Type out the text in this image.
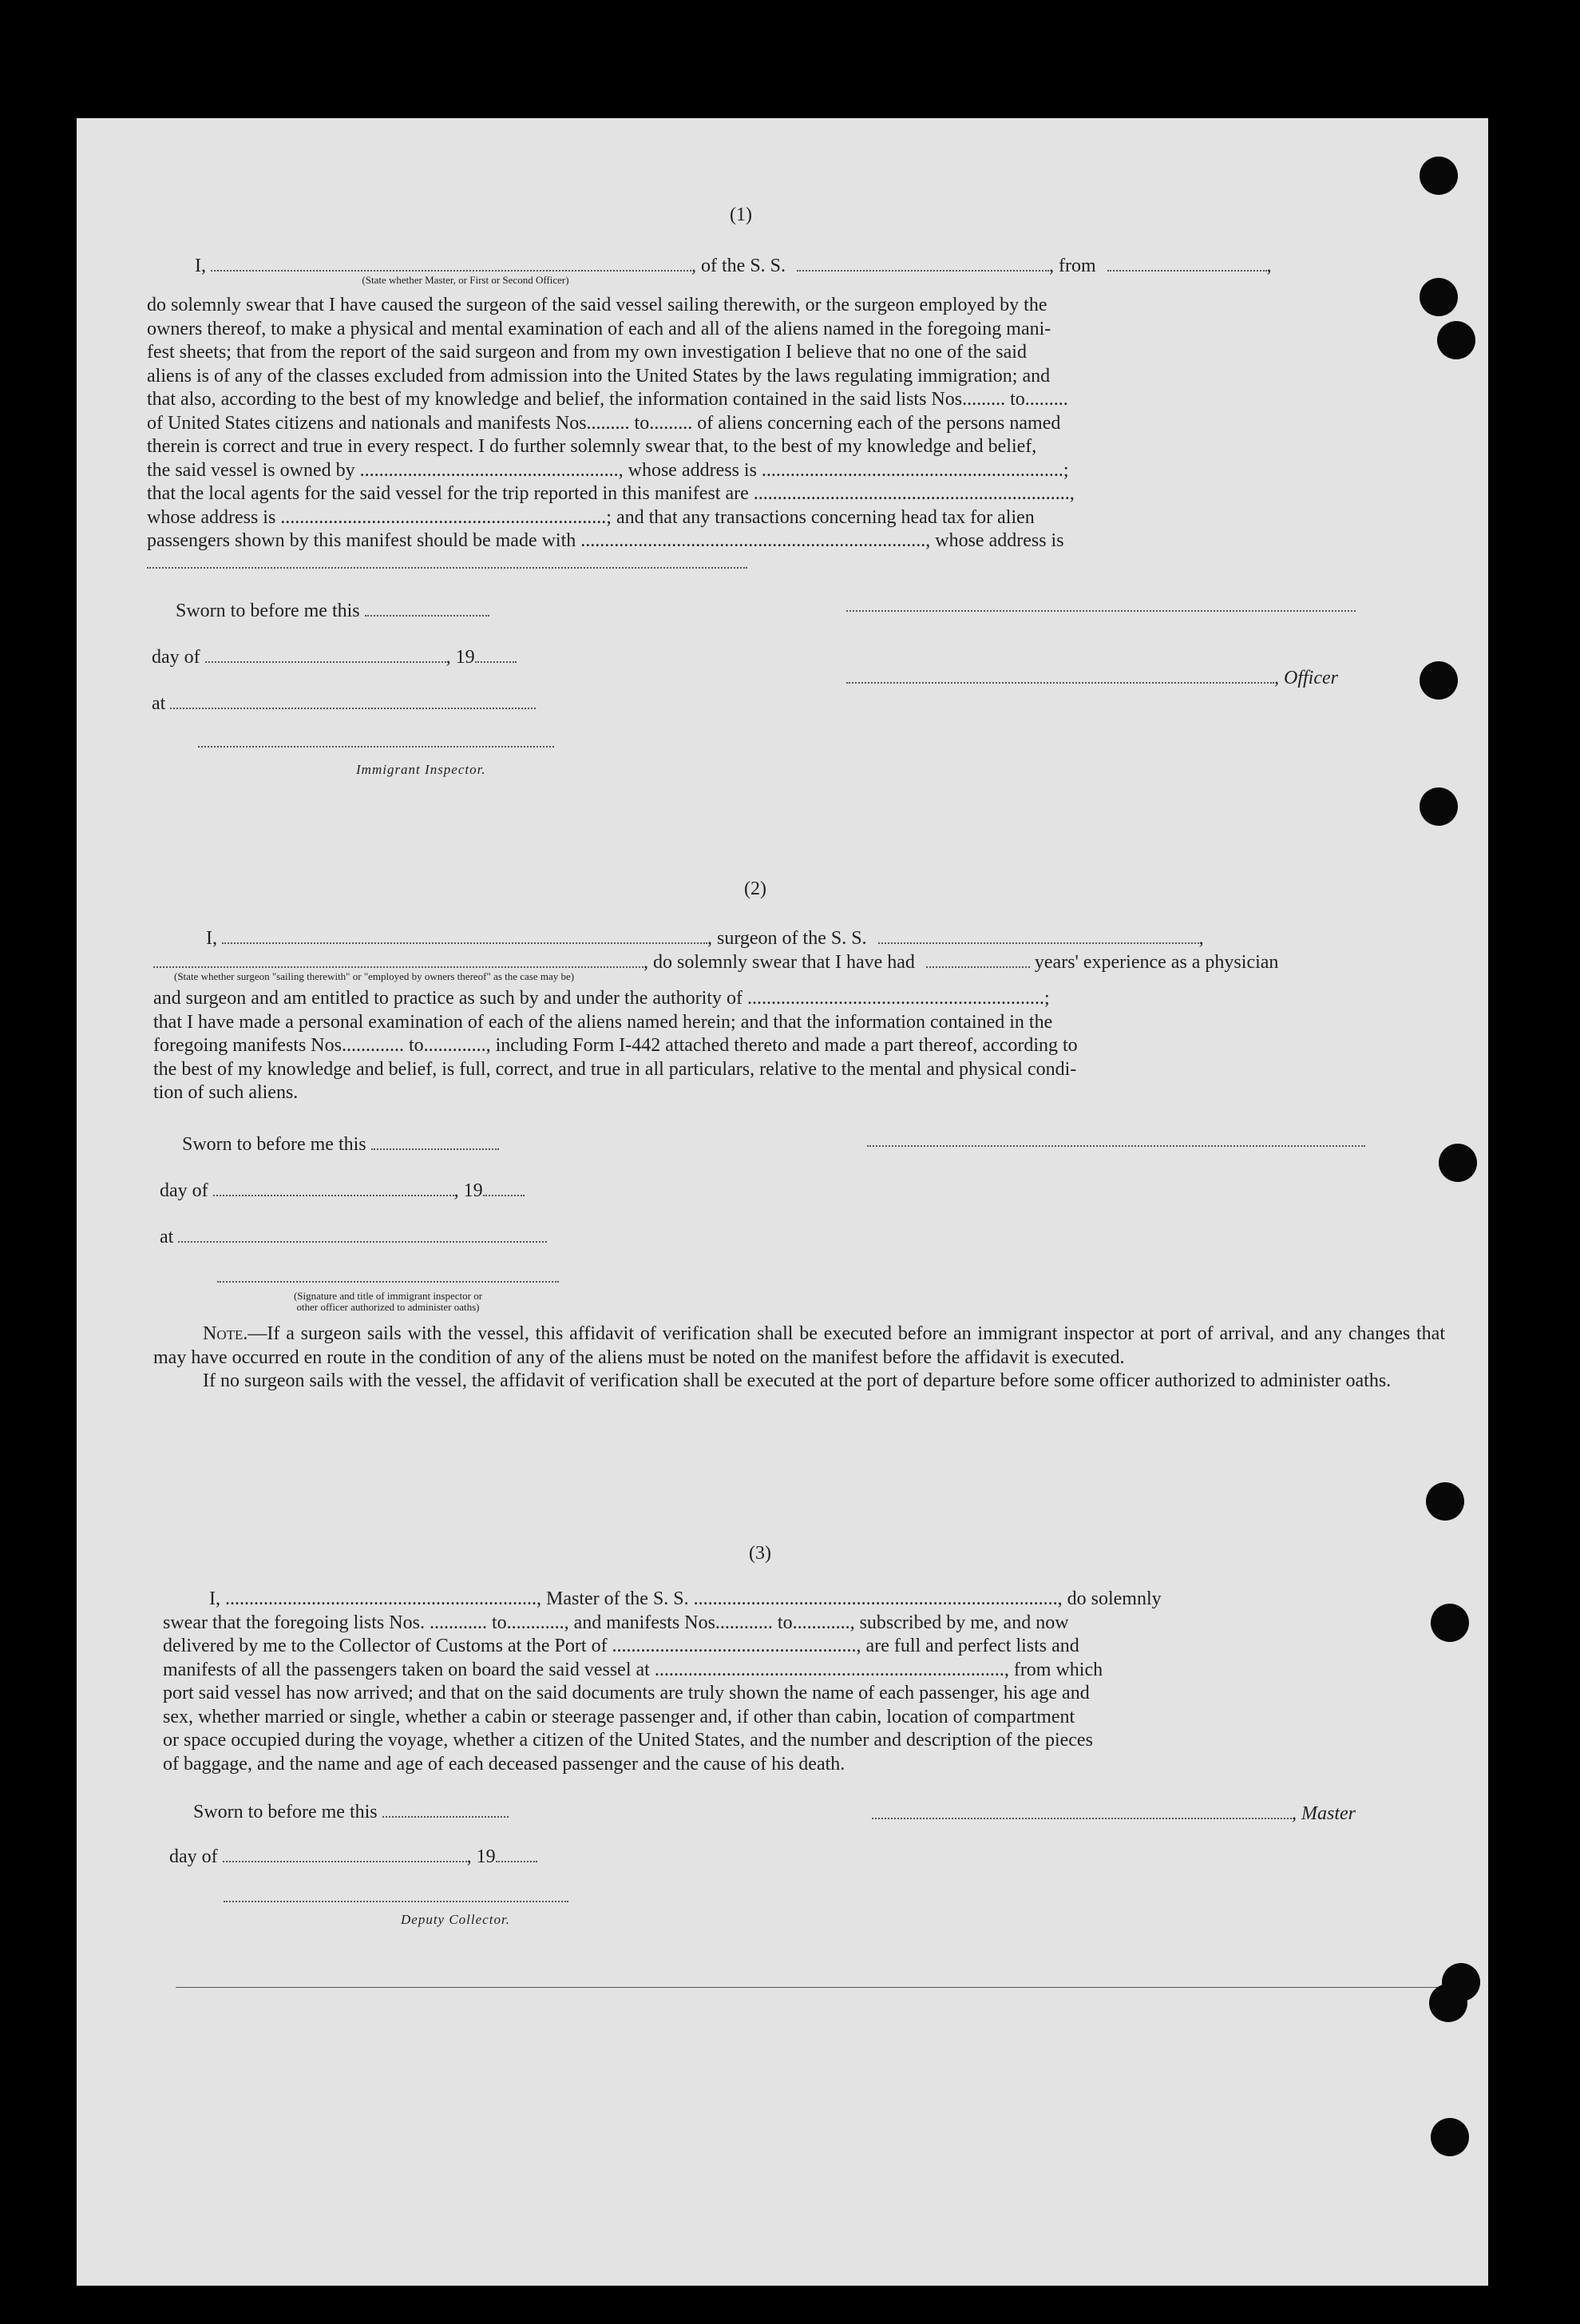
(1)
I,	, of the S. S.	, from	,
(State whether Master, or First or Second Officer)
do solemnly swear that I have caused the surgeon of the said vessel sailing therewith, or the surgeon employed by the
owners thereof, to make a physical and mental examination of each and all of the aliens named in the foregoing mani-
fest sheets; that from the report of the said surgeon and from my own investigation I believe that no one of the said
aliens is of any of the classes excluded from admission into the United States by the laws regulating immigration; and
that also, according to the best of my knowledge and belief, the information contained in the said lists Nos......... to.........
of United States citizens and nationals and manifests Nos......... to......... of aliens concerning each of the persons named
therein is correct and true in every respect. I do further solemnly swear that, to the best of my knowledge and belief,
the said vessel is owned by ......................................................, whose address is ...............................................................;
that the local agents for the said vessel for the trip reported in this manifest are ..................................................................,
whose address is ....................................................................; and that any transactions concerning head tax for alien
passengers shown by this manifest should be made with ........................................................................, whose address is
Sworn to before me this
day of	, 19
, Officer
at
Immigrant Inspector.
(2)
I,	, surgeon of the S. S.	,
, do solemnly swear that I have had	years' experience as a physician
(State whether surgeon "sailing therewith" or "employed by owners thereof" as the case may be)
and surgeon and am entitled to practice as such by and under the authority of ..............................................................;
that I have made a personal examination of each of the aliens named herein; and that the information contained in the
foregoing manifests Nos............. to............., including Form I-442 attached thereto and made a part thereof, according to
the best of my knowledge and belief, is full, correct, and true in all particulars, relative to the mental and physical condi-
tion of such aliens.
Sworn to before me this
day of	, 19
at
(Signature and title of immigrant inspector or
other officer authorized to administer oaths)

Note.—If a surgeon sails with the vessel, this affidavit of verification shall be executed before an immigrant inspector at port of arrival, and any changes that may have occurred en route in the condition of any of the aliens must be noted on the manifest before the affidavit is executed.

If no surgeon sails with the vessel, the affidavit of verification shall be executed at the port of departure before some officer authorized to administer oaths.

(3)
I, ................................................................., Master of the S. S. ............................................................................, do solemnly
swear that the foregoing lists Nos. ............ to............, and manifests Nos............ to............, subscribed by me, and now
delivered by me to the Collector of Customs at the Port of ..................................................., are full and perfect lists and
manifests of all the passengers taken on board the said vessel at ........................................................................., from which
port said vessel has now arrived; and that on the said documents are truly shown the name of each passenger, his age and
sex, whether married or single, whether a cabin or steerage passenger and, if other than cabin, location of compartment
or space occupied during the voyage, whether a citizen of the United States, and the number and description of the pieces
of baggage, and the name and age of each deceased passenger and the cause of his death.
Sworn to before me this	, Master
day of	, 19
Deputy Collector.
